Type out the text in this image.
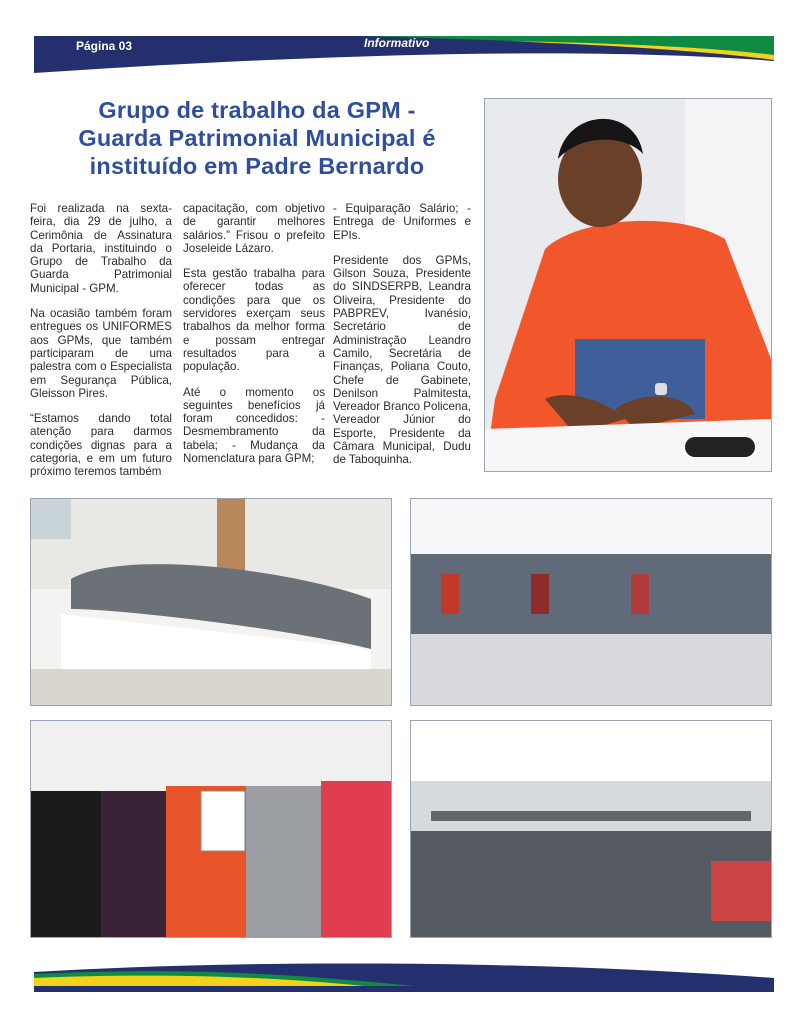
Página 03	Informativo
Grupo de trabalho da GPM -
Guarda Patrimonial Municipal é
instituído em Padre Bernardo

Foi realizada na sexta-feira, dia 29 de julho, a Cerimônia de Assinatura da Portaria, instituindo o Grupo de Trabalho da Guarda Patrimonial Municipal - GPM.

Na ocasião também foram entregues os UNIFORMES aos GPMs, que também participaram de uma palestra com o Especialista em Segurança Pública, Gleisson Pires.

“Estamos dando total atenção para darmos condições dignas para a categoria, e em um futuro próximo teremos também

capacitação, com objetivo de garantir melhores salários.” Frisou o prefeito Joseleide Lázaro.

Esta gestão trabalha para oferecer todas as condições para que os servidores exerçam seus trabalhos da melhor forma e possam entregar resultados para a população.

Até o momento os seguintes benefícios já foram concedidos: - Desmembramento da tabela; - Mudança da Nomenclatura para GPM;

- Equiparação Salário; - Entrega de Uniformes e EPIs.

Presidente dos GPMs, Gilson Souza, Presidente do SINDSERPB, Leandra Oliveira, Presidente do PABPREV, Ivanésio, Secretário de Administração Leandro Camilo, Secretária de Finanças, Poliana Couto, Chefe de Gabinete, Denilson Palmitesta, Vereador Branco Policena, Vereador Júnior do Esporte, Presidente da Câmara Municipal, Dudu de Taboquinha.
